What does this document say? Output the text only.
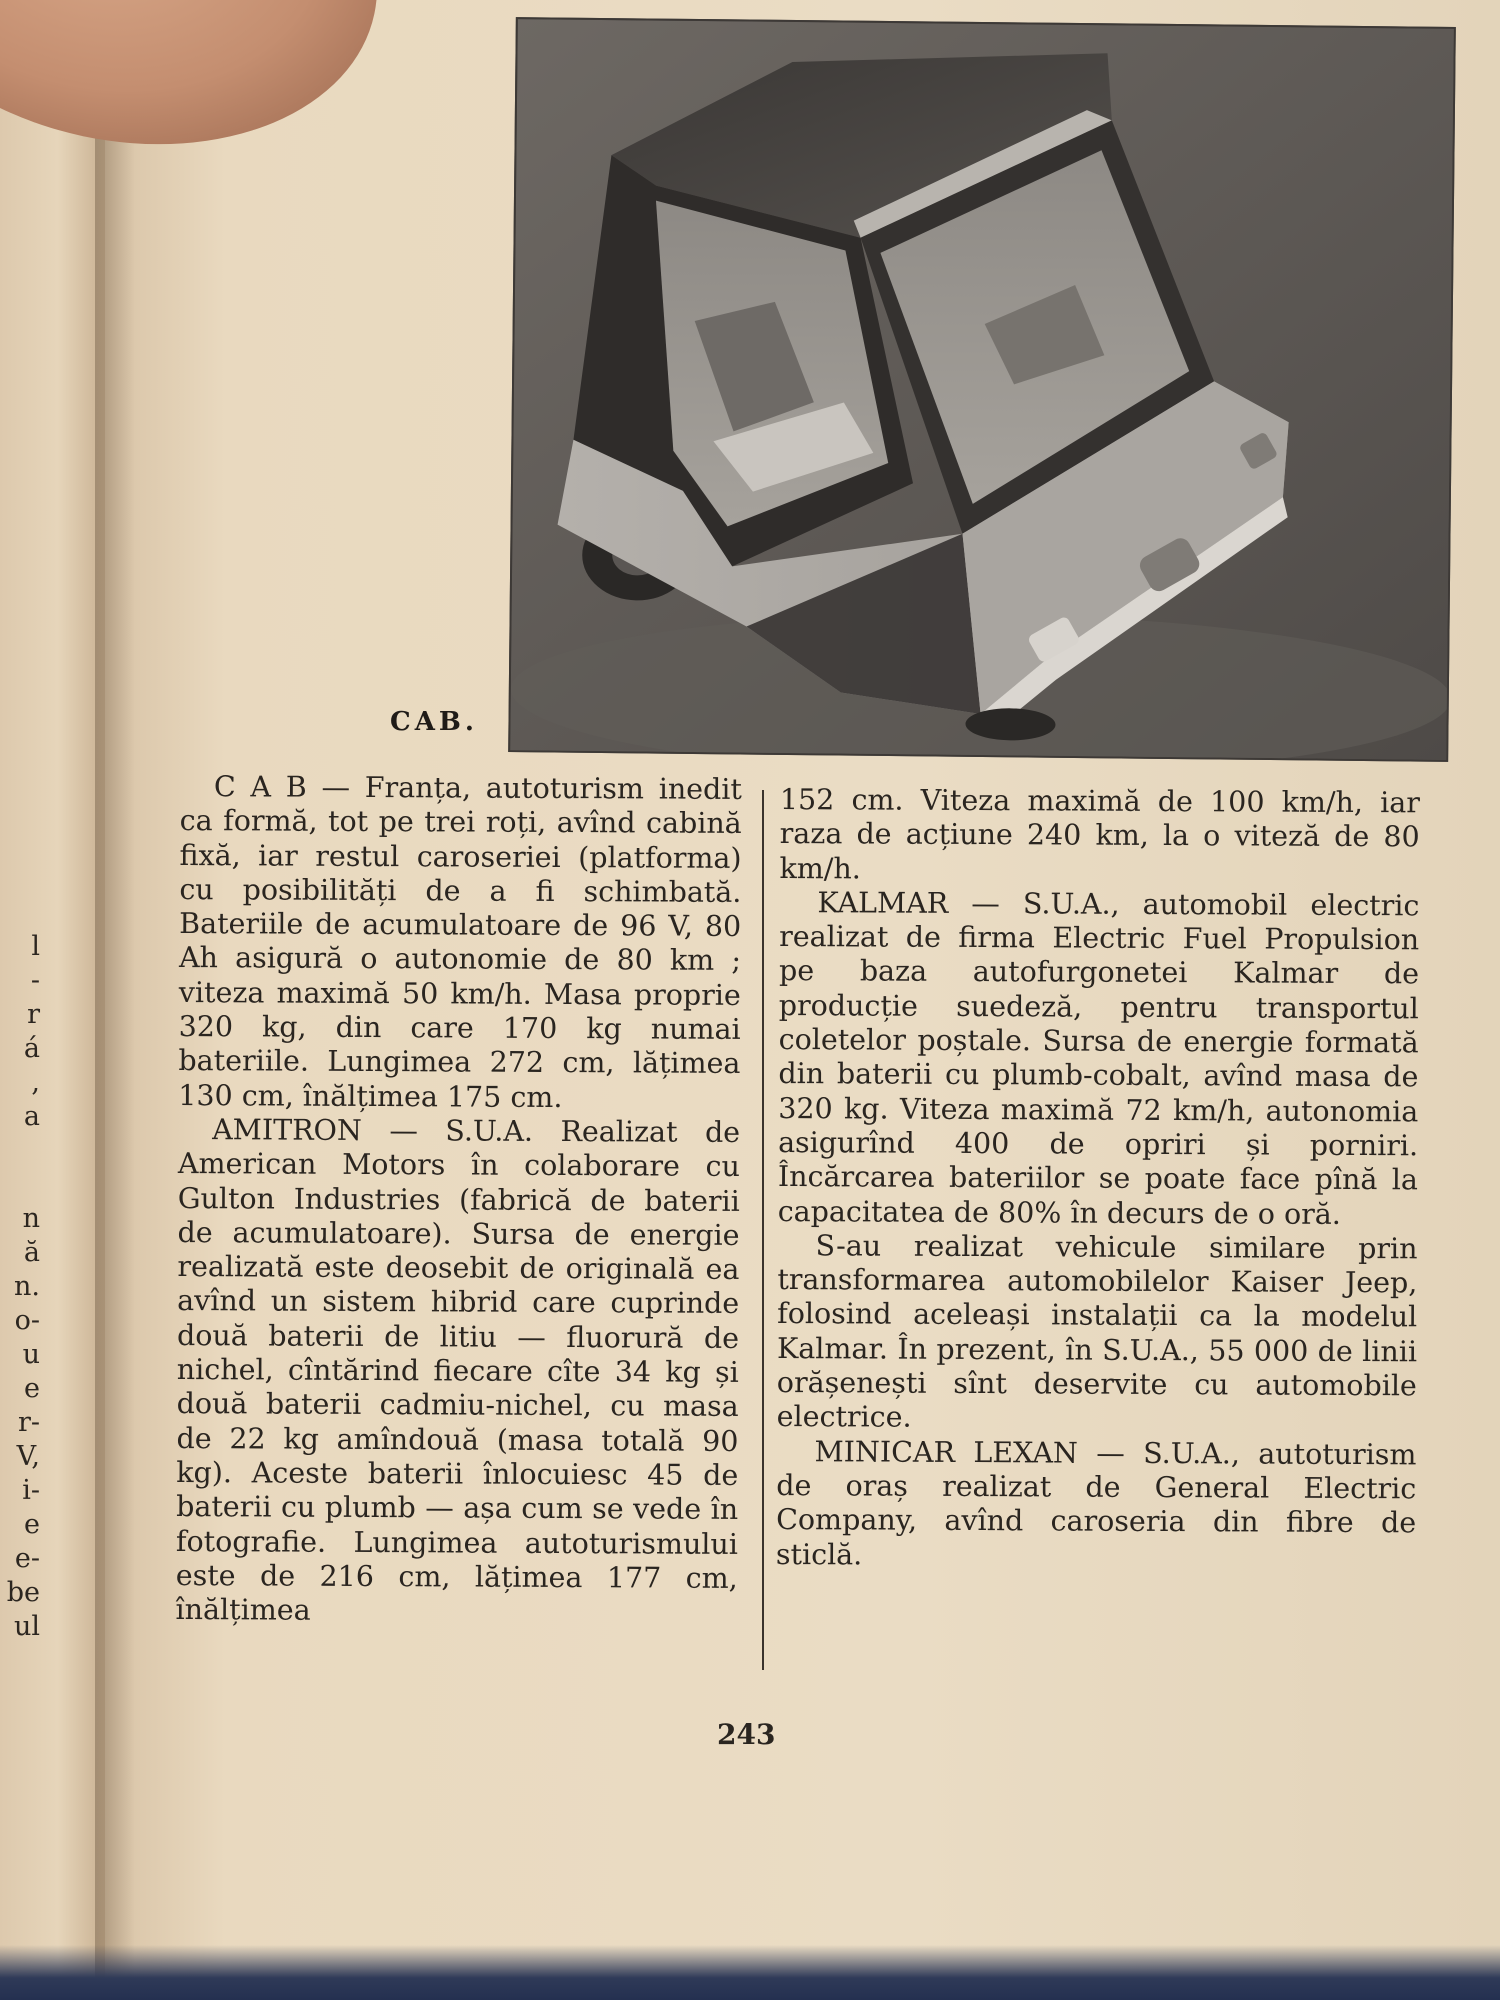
l
-
r
á
,
a

n
ă
n.
o-
u
e
r-
V,
i-
e
e-
be
ul
CAB.

C A B — Franța, autoturism inedit ca formă, tot pe trei roți, avînd cabină fixă, iar restul caroseriei (platforma) cu posibilități de a fi schimbată. Bateriile de acumulatoare de 96 V, 80 Ah asigură o autonomie de 80 km ; viteza maximă 50 km/h. Masa proprie 320 kg, din care 170 kg numai bateriile. Lungimea 272 cm, lățimea 130 cm, înălțimea 175 cm.

AMITRON — S.U.A. Realizat de American Motors în colaborare cu Gulton Industries (fabrică de baterii de acumulatoare). Sursa de energie realizată este deosebit de originală ea avînd un sistem hibrid care cuprinde două baterii de litiu — fluorură de nichel, cîntărind fiecare cîte 34 kg și două baterii cadmiu-nichel, cu masa de 22 kg amîndouă (masa totală 90 kg). Aceste baterii înlocuiesc 45 de baterii cu plumb — așa cum se vede în fotografie. Lungimea autoturismului este de 216 cm, lățimea 177 cm, înălțimea

152 cm. Viteza maximă de 100 km/h, iar raza de acțiune 240 km, la o viteză de 80 km/h.

KALMAR — S.U.A., automobil electric realizat de firma Electric Fuel Propulsion pe baza autofurgonetei Kalmar de producție suedeză, pentru transportul coletelor poștale. Sursa de energie formată din baterii cu plumb-cobalt, avînd masa de 320 kg. Viteza maximă 72 km/h, autonomia asigurînd 400 de opriri și porniri. Încărcarea bateriilor se poate face pînă la capacitatea de 80% în decurs de o oră.

S-au realizat vehicule similare prin transformarea automobilelor Kaiser Jeep, folosind aceleași instalații ca la modelul Kalmar. În prezent, în S.U.A., 55 000 de linii orășenești sînt deservite cu automobile electrice.

MINICAR LEXAN — S.U.A., autoturism de oraș realizat de General Electric Company, avînd caroseria din fibre de sticlă.

243
